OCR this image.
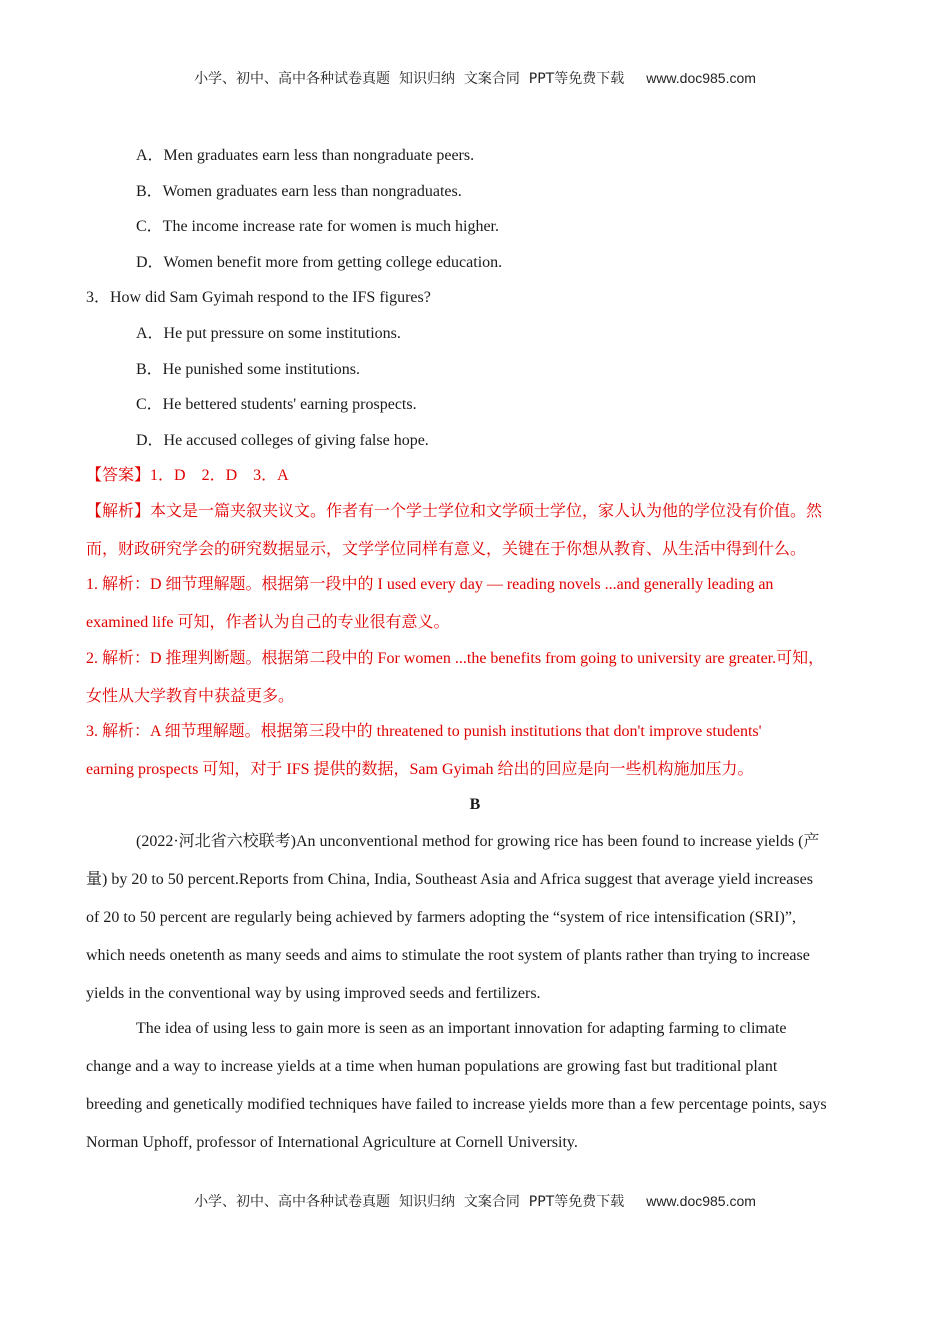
小学、初中、高中各种试卷真题  知识归纳  文案合同  PPT等免费下载 www.doc985.com
A．Men graduates earn less than nongraduate peers.
B．Women graduates earn less than nongraduates.
C．The income increase rate for women is much higher.
D．Women benefit more from getting college education.
3．How did Sam Gyimah respond to the IFS figures?
A．He put pressure on some institutions.
B．He punished some institutions.
C．He bettered students' earning prospects.
D．He accused colleges of giving false hope.
【答案】1．D　2．D　3．A
【解析】本文是一篇夹叙夹议文。作者有一个学士学位和文学硕士学位，家人认为他的学位没有价值。然
而，财政研究学会的研究数据显示，文学学位同样有意义，关键在于你想从教育、从生活中得到什么。
1. 解析：D 细节理解题。根据第一段中的 I used every day — reading novels ...and generally leading an
examined life 可知，作者认为自己的专业很有意义。
2. 解析：D 推理判断题。根据第二段中的 For women ...the benefits from going to university are greater.可知，
女性从大学教育中获益更多。
3. 解析：A 细节理解题。根据第三段中的 threatened to punish institutions that don't improve students'
earning prospects 可知，对于 IFS 提供的数据，Sam Gyimah 给出的回应是向一些机构施加压力。
B
(2022·河北省六校联考)An unconventional method for growing rice has been found to increase yields (产
量) by 20 to 50 percent.Reports from China, India, Southeast Asia and Africa suggest that average yield increases
of 20 to 50 percent are regularly being achieved by farmers adopting the “system of rice intensification (SRI)”,
which needs onetenth as many seeds and aims to stimulate the root system of plants rather than trying to increase
yields in the conventional way by using improved seeds and fertilizers.
The idea of using less to gain more is seen as an important innovation for adapting farming to climate
change and a way to increase yields at a time when human populations are growing fast but traditional plant
breeding and genetically modified techniques have failed to increase yields more than a few percentage points, says
Norman Uphoff, professor of International Agriculture at Cornell University.
小学、初中、高中各种试卷真题  知识归纳  文案合同  PPT等免费下载 www.doc985.com
